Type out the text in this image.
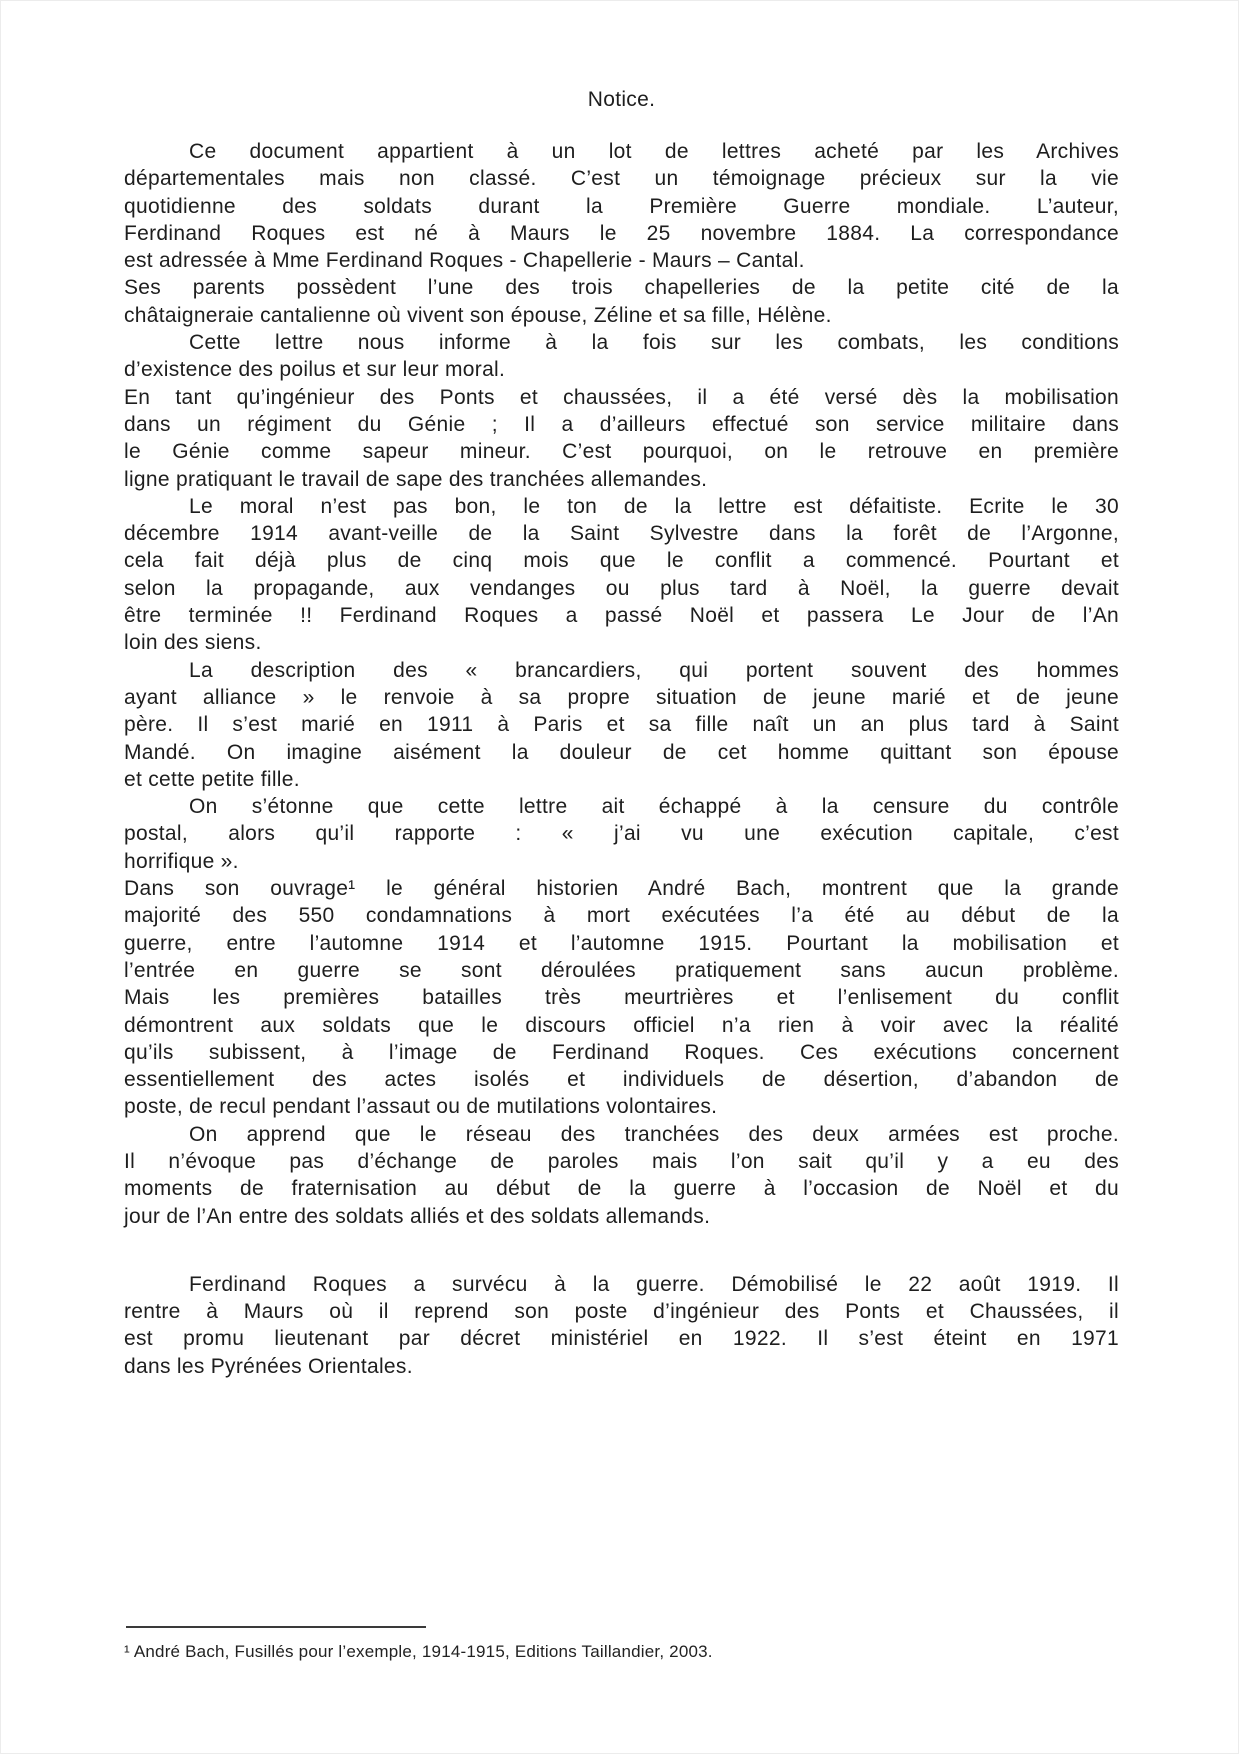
Notice.
Ce document appartient à un lot de lettres acheté par les Archives
départementales mais non classé. C’est un témoignage précieux sur la vie
quotidienne des soldats durant la Première Guerre mondiale. L’auteur,
Ferdinand Roques est né à Maurs le 25 novembre 1884. La correspondance
est adressée à Mme Ferdinand Roques - Chapellerie - Maurs – Cantal.
Ses parents possèdent l’une des trois chapelleries de la petite cité de la
châtaigneraie cantalienne où vivent son épouse, Zéline et sa fille, Hélène.
Cette lettre nous informe à la fois sur les combats, les conditions
d’existence des poilus et sur leur moral.
En tant qu’ingénieur des Ponts et chaussées, il a été versé dès la mobilisation
dans un régiment du Génie ; Il a d’ailleurs effectué son service militaire dans
le Génie comme sapeur mineur. C’est pourquoi, on le retrouve en première
ligne pratiquant le travail de sape des tranchées allemandes.
Le moral n’est pas bon, le ton de la lettre est défaitiste. Ecrite le 30
décembre 1914 avant-veille de la Saint Sylvestre dans la forêt de l’Argonne,
cela fait déjà plus de cinq mois que le conflit a commencé. Pourtant et
selon la propagande, aux vendanges ou plus tard à Noël, la guerre devait
être terminée !! Ferdinand Roques a passé Noël et passera Le Jour de l’An
loin des siens.
La description des « brancardiers, qui portent souvent des hommes
ayant alliance » le renvoie à sa propre situation de jeune marié et de jeune
père. Il s’est marié en 1911 à Paris et sa fille naît un an plus tard à Saint
Mandé. On imagine aisément la douleur de cet homme quittant son épouse
et cette petite fille.
On s’étonne que cette lettre ait échappé à la censure du contrôle
postal, alors qu’il rapporte : « j’ai vu une exécution capitale, c’est
horrifique ».
Dans son ouvrage¹ le général historien André Bach, montrent que la grande
majorité des 550 condamnations à mort exécutées l’a été au début de la
guerre, entre l’automne 1914 et l’automne 1915. Pourtant la mobilisation et
l’entrée en guerre se sont déroulées pratiquement sans aucun problème.
Mais les premières batailles très meurtrières et l’enlisement du conflit
démontrent aux soldats que le discours officiel n’a rien à voir avec la réalité
qu’ils subissent, à l’image de Ferdinand Roques. Ces exécutions concernent
essentiellement des actes isolés et individuels de désertion, d’abandon de
poste, de recul pendant l’assaut ou de mutilations volontaires.
On apprend que le réseau des tranchées des deux armées est proche.
Il n’évoque pas d’échange de paroles mais l’on sait qu’il y a eu des
moments de fraternisation au début de la guerre à l’occasion de Noël et du
jour de l’An entre des soldats alliés et des soldats allemands.
Ferdinand Roques a survécu à la guerre. Démobilisé le 22 août 1919. Il
rentre à Maurs où il reprend son poste d’ingénieur des Ponts et Chaussées, il
est promu lieutenant par décret ministériel en 1922. Il s’est éteint en 1971
dans les Pyrénées Orientales.
¹ André Bach, Fusillés pour l’exemple, 1914-1915, Editions Taillandier, 2003.
